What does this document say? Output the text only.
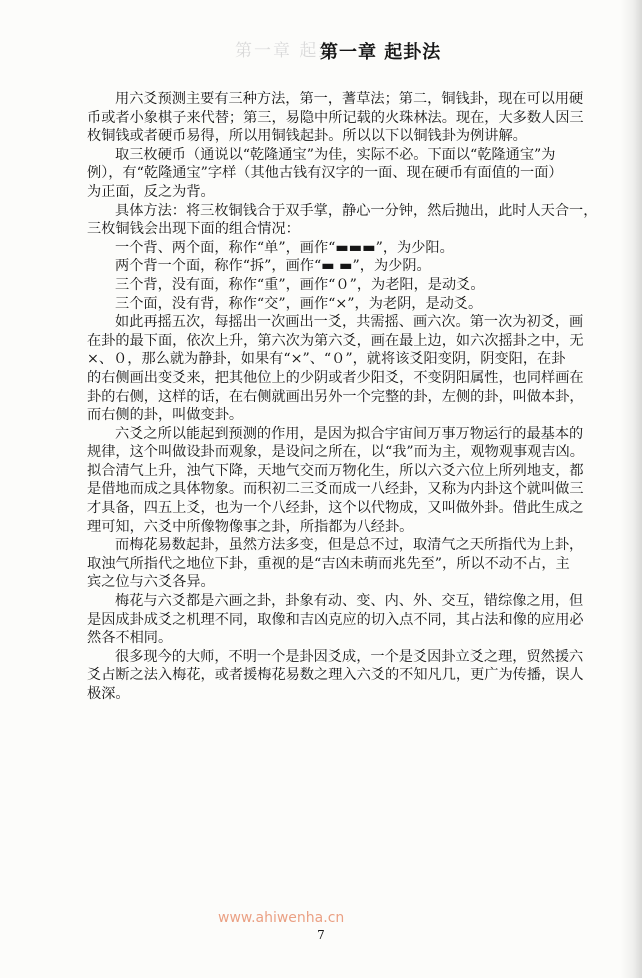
第一章 起卦
第一章 起卦法
用六爻预测主要有三种方法，第一，蓍草法；第二，铜钱卦，现在可以用硬
币或者小象棋子来代替；第三，易隐中所记载的火珠林法。现在，大多数人因三
枚铜钱或者硬币易得，所以用铜钱起卦。所以以下以铜钱卦为例讲解。
取三枚硬币（通说以“乾隆通宝”为佳，实际不必。下面以“乾隆通宝”为
例），有“乾隆通宝”字样（其他古钱有汉字的一面、现在硬币有面值的一面）
为正面，反之为背。
具体方法：将三枚铜钱合于双手掌，静心一分钟，然后抛出，此时人天合一，
三枚铜钱会出现下面的组合情况：
一个背、两个面，称作“单”，画作“▬▬▬”，为少阳。
两个背一个面，称作“拆”，画作“▬ ▬”，为少阴。
三个背，没有面，称作“重”，画作“０”，为老阳，是动爻。
三个面，没有背，称作“交”，画作“×”，为老阴，是动爻。
如此再摇五次，每摇出一次画出一爻，共需摇、画六次。第一次为初爻，画
在卦的最下面，依次上升，第六次为第六爻，画在最上边，如六次摇卦之中，无
×、０，那么就为静卦，如果有“×”、“０”，就将该爻阳变阴，阴变阳，在卦
的右侧画出变爻来，把其他位上的少阴或者少阳爻，不变阴阳属性，也同样画在
卦的右侧，这样的话，在右侧就画出另外一个完整的卦，左侧的卦，叫做本卦，
而右侧的卦，叫做变卦。
六爻之所以能起到预测的作用，是因为拟合宇宙间万事万物运行的最基本的
规律，这个叫做设卦而观象，是设问之所在，以“我”而为主，观物观事观吉凶。
拟合清气上升，浊气下降，天地气交而万物化生，所以六爻六位上所列地支，都
是借地而成之具体物象。而积初二三爻而成一八经卦，又称为内卦这个就叫做三
才具备，四五上爻，也为一个八经卦，这个以代物成，又叫做外卦。借此生成之
理可知，六爻中所像物像事之卦，所指都为八经卦。
而梅花易数起卦，虽然方法多变，但是总不过，取清气之天所指代为上卦，
取浊气所指代之地位下卦，重视的是“吉凶未萌而兆先至”，所以不动不占，主
宾之位与六爻各异。
梅花与六爻都是六画之卦，卦象有动、变、内、外、交互，错综像之用，但
是因成卦成爻之机理不同，取像和吉凶克应的切入点不同，其占法和像的应用必
然各不相同。
很多现今的大师，不明一个是卦因爻成，一个是爻因卦立爻之理，贸然援六
爻占断之法入梅花，或者援梅花易数之理入六爻的不知凡几，更广为传播，误人
极深。
www.ahiwenha.cn
7
